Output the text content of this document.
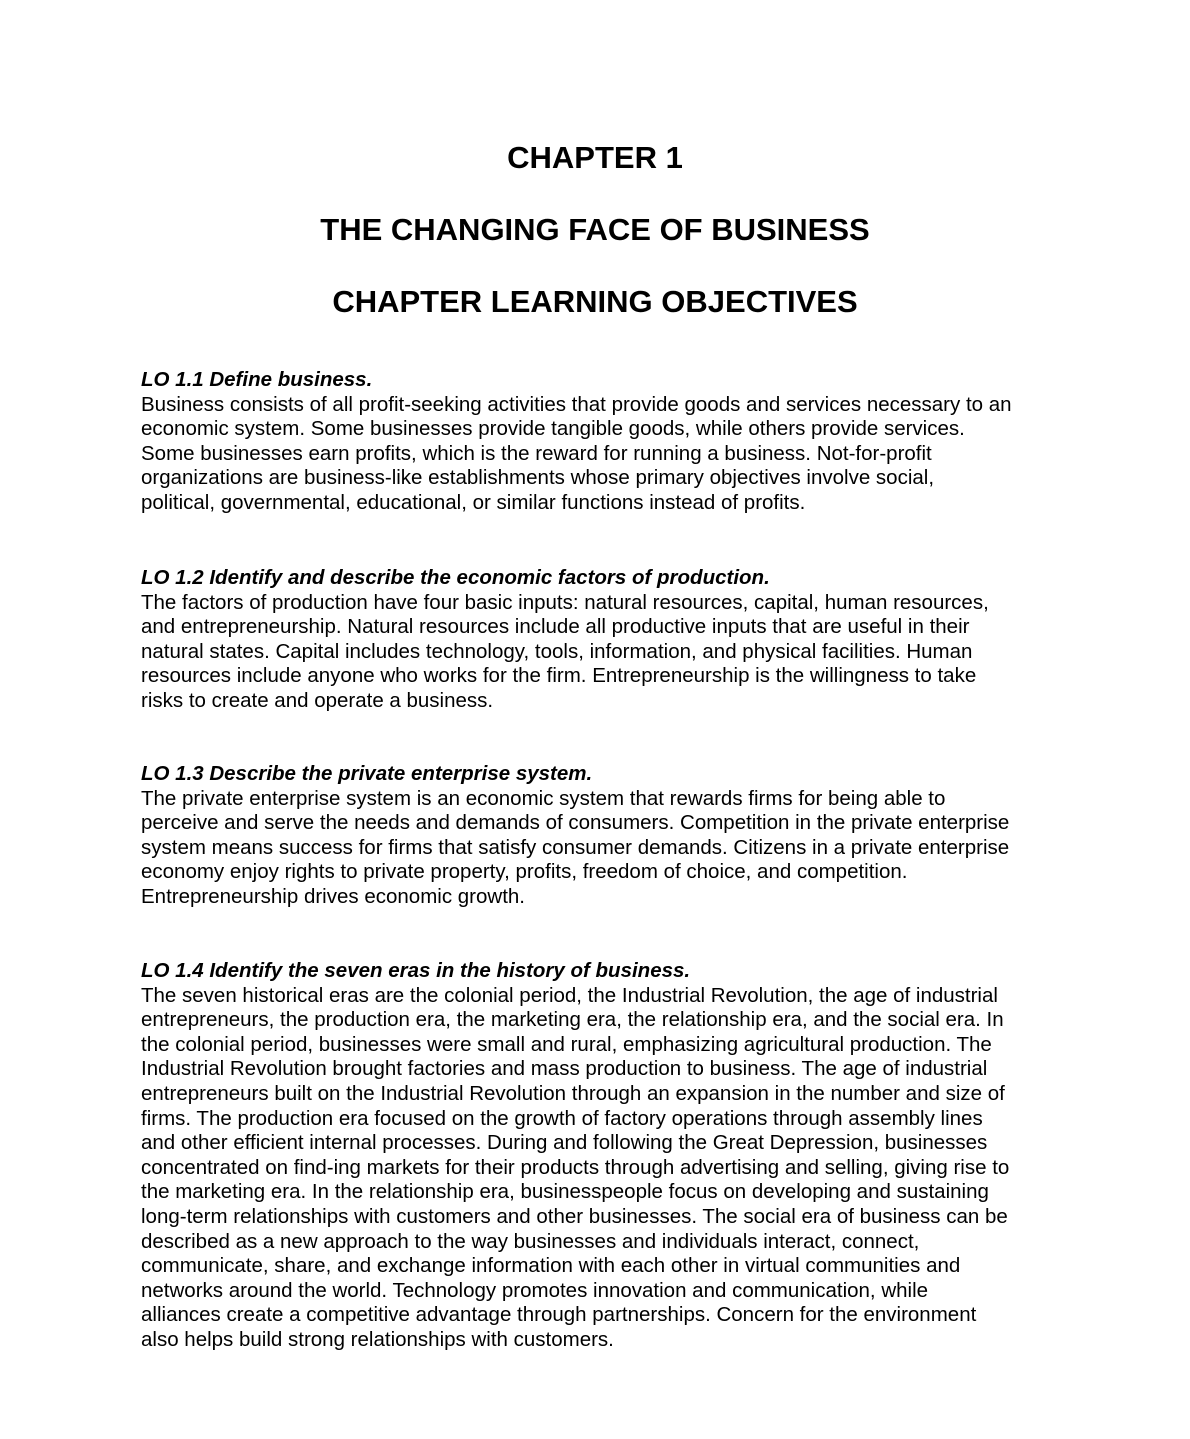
CHAPTER 1
THE CHANGING FACE OF BUSINESS
CHAPTER LEARNING OBJECTIVES

LO 1.1 Define business.

Business consists of all profit-seeking activities that provide goods and services necessary to an
economic system. Some businesses provide tangible goods, while others provide services.
Some businesses earn profits, which is the reward for running a business. Not-for-profit
organizations are business-like establishments whose primary objectives involve social,
political, governmental, educational, or similar functions instead of profits.

LO 1.2 Identify and describe the economic factors of production.

The factors of production have four basic inputs: natural resources, capital, human resources,
and entrepreneurship. Natural resources include all productive inputs that are useful in their
natural states. Capital includes technology, tools, information, and physical facilities. Human
resources include anyone who works for the firm. Entrepreneurship is the willingness to take
risks to create and operate a business.

LO 1.3 Describe the private enterprise system.

The private enterprise system is an economic system that rewards firms for being able to
perceive and serve the needs and demands of consumers. Competition in the private enterprise
system means success for firms that satisfy consumer demands. Citizens in a private enterprise
economy enjoy rights to private property, profits, freedom of choice, and competition.
Entrepreneurship drives economic growth.

LO 1.4 Identify the seven eras in the history of business.

The seven historical eras are the colonial period, the Industrial Revolution, the age of industrial
entrepreneurs, the production era, the marketing era, the relationship era, and the social era. In
the colonial period, businesses were small and rural, emphasizing agricultural production. The
Industrial Revolution brought factories and mass production to business. The age of industrial
entrepreneurs built on the Industrial Revolution through an expansion in the number and size of
firms. The production era focused on the growth of factory operations through assembly lines
and other efficient internal processes. During and following the Great Depression, businesses
concentrated on find-ing markets for their products through advertising and selling, giving rise to
the marketing era. In the relationship era, businesspeople focus on developing and sustaining
long-term relationships with customers and other businesses. The social era of business can be
described as a new approach to the way businesses and individuals interact, connect,
communicate, share, and exchange information with each other in virtual communities and
networks around the world. Technology promotes innovation and communication, while
alliances create a competitive advantage through partnerships. Concern for the environment
also helps build strong relationships with customers.
